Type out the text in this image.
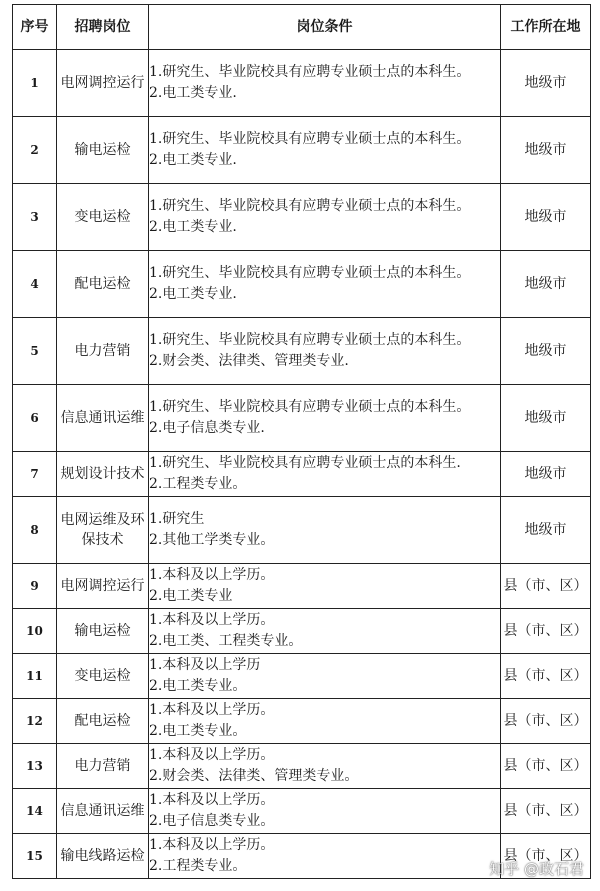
序号	招聘岗位	岗位条件	工作所在地
1	电网调控运行	1.研究生、毕业院校具有应聘专业硕士点的本科生。
2.电工类专业.	地级市
2	输电运检	1.研究生、毕业院校具有应聘专业硕士点的本科生。
2.电工类专业.	地级市
3	变电运检	1.研究生、毕业院校具有应聘专业硕士点的本科生。
2.电工类专业.	地级市
4	配电运检	1.研究生、毕业院校具有应聘专业硕士点的本科生。
2.电工类专业.	地级市
5	电力营销	1.研究生、毕业院校具有应聘专业硕士点的本科生。
2.财会类、法律类、管理类专业.	地级市
6	信息通讯运维	1.研究生、毕业院校具有应聘专业硕士点的本科生。
2.电子信息类专业.	地级市
7	规划设计技术	1.研究生、毕业院校具有应聘专业硕士点的本科生.
2.工程类专业。	地级市
8	电网运维及环保技术	1.研究生
2.其他工学类专业。	地级市
9	电网调控运行	1.本科及以上学历。
2.电工类专业	县（市、区）
10	输电运检	1.本科及以上学历。
2.电工类、工程类专业。	县（市、区）
11	变电运检	1.本科及以上学历
2.电工类专业。	县（市、区）
12	配电运检	1.本科及以上学历。
2.电工类专业。	县（市、区）
13	电力营销	1.本科及以上学历。
2.财会类、法律类、管理类专业。	县（市、区）
14	信息通讯运维	1.本科及以上学历。
2.电子信息类专业。	县（市、区）
15	输电线路运检	1.本科及以上学历。
2.工程类专业。	县（市、区）
知乎 @政石君
